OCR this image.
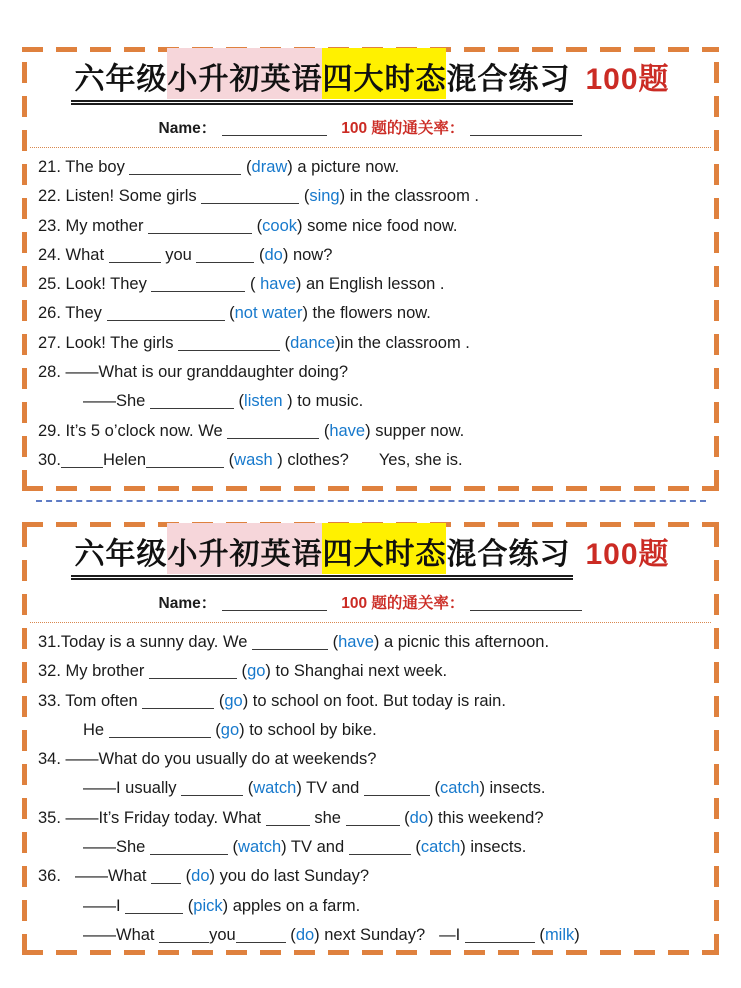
六年级小升初英语四大时态混合练习 100题
Name：	100 题的通关率：
21. The boy	(draw) a picture now.
22. Listen! Some girls	(sing) in the classroom .
23. My mother	(cook) some nice food now.
24. What	you	(do) now?
25. Look! They	( have) an English lesson .
26. They	(not water) the flowers now.
27. Look! The girls	(dance)in the classroom .
28. ——What is our granddaughter doing?
——She	(listen ) to music.
29. It’s 5 o’clock now. We	(have) supper now.
30.	Helen	(wash ) clothes? Yes, she is.
六年级小升初英语四大时态混合练习 100题
Name：	100 题的通关率：
31.Today is a sunny day. We	(have) a picnic this afternoon.
32. My brother	(go) to Shanghai next week.
33. Tom often	(go) to school on foot. But today is rain.
He	(go) to school by bike.
34. ——What do you usually do at weekends?
——I usually	(watch) TV and	(catch) insects.
35. ——It’s Friday today. What	she	(do) this weekend?
——She	(watch) TV and	(catch) insects.
36. ——What  (do) you do last Sunday?
——I	(pick) apples on a farm.
——What	you	(do) next Sunday? —I	(milk)
